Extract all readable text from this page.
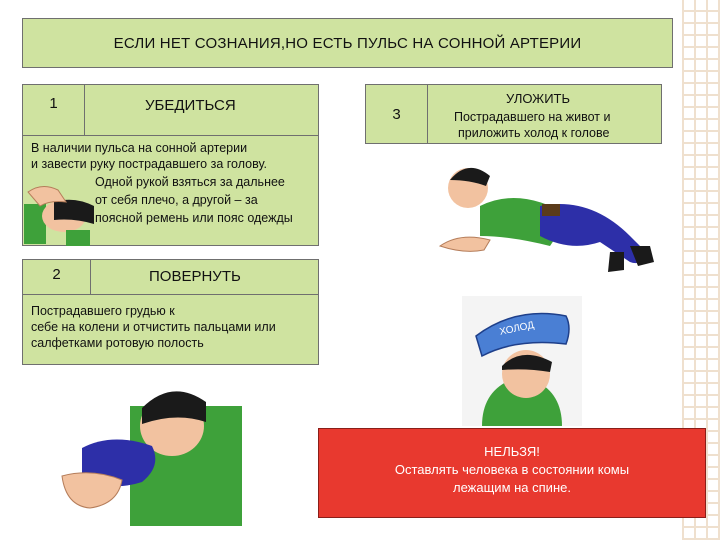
ЕСЛИ НЕТ СОЗНАНИЯ,НО ЕСТЬ ПУЛЬС НА СОННОЙ АРТЕРИИ
1	УБЕДИТЬСЯ
В наличии пульса на сонной артерии
и завести руку пострадавшего за голову.
Одной рукой взяться за дальнее
от себя плечо, а другой – за
поясной ремень или пояс одежды
2	ПОВЕРНУТЬ
Пострадавшего грудью к
себе на колени и отчистить пальцами или
салфетками ротовую полость
3
УЛОЖИТЬ
Пострадавшего на живот и
приложить холод к голове
ХОЛОД
НЕЛЬЗЯ!
Оставлять человека в состоянии комы
лежащим на спине.
